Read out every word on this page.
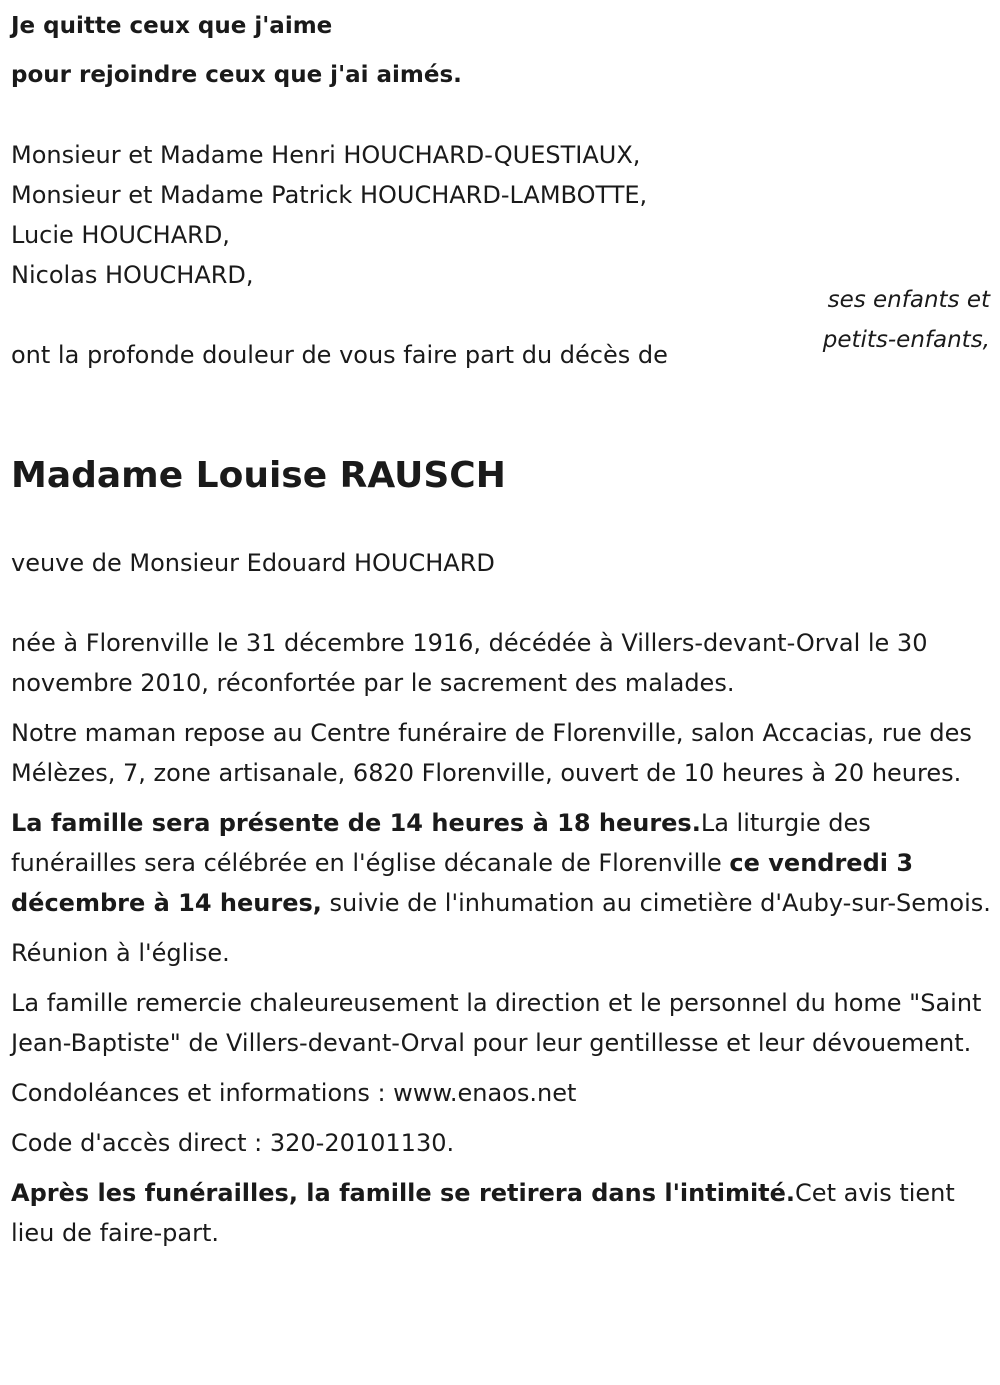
Je quitte ceux que j'aime
pour rejoindre ceux que j'ai aimés.
Monsieur et Madame Henri HOUCHARD-QUESTIAUX,
Monsieur et Madame Patrick HOUCHARD-LAMBOTTE,
Lucie HOUCHARD,
Nicolas HOUCHARD,
ses enfants et
petits-enfants,
ont la profonde douleur de vous faire part du décès de
Madame Louise RAUSCH
veuve de Monsieur Edouard HOUCHARD

née à Florenville le 31 décembre 1916, décédée à Villers-devant-Orval le 30 novembre 2010, réconfortée par le sacrement des malades.

Notre maman repose au Centre funéraire de Florenville, salon Accacias, rue des Mélèzes, 7, zone artisanale, 6820 Florenville, ouvert de 10 heures à 20 heures.

La famille sera présente de 14 heures à 18 heures.La liturgie des funérailles sera célébrée en l'église décanale de Florenville ce vendredi 3 décembre à 14 heures, suivie de l'inhumation au cimetière d'Auby-sur-Semois.

Réunion à l'église.

La famille remercie chaleureusement la direction et le personnel du home "Saint Jean-Baptiste" de Villers-devant-Orval pour leur gentillesse et leur dévouement.

Condoléances et informations : www.enaos.net

Code d'accès direct : 320-20101130.

Après les funérailles, la famille se retirera dans l'intimité.Cet avis tient lieu de faire-part.
